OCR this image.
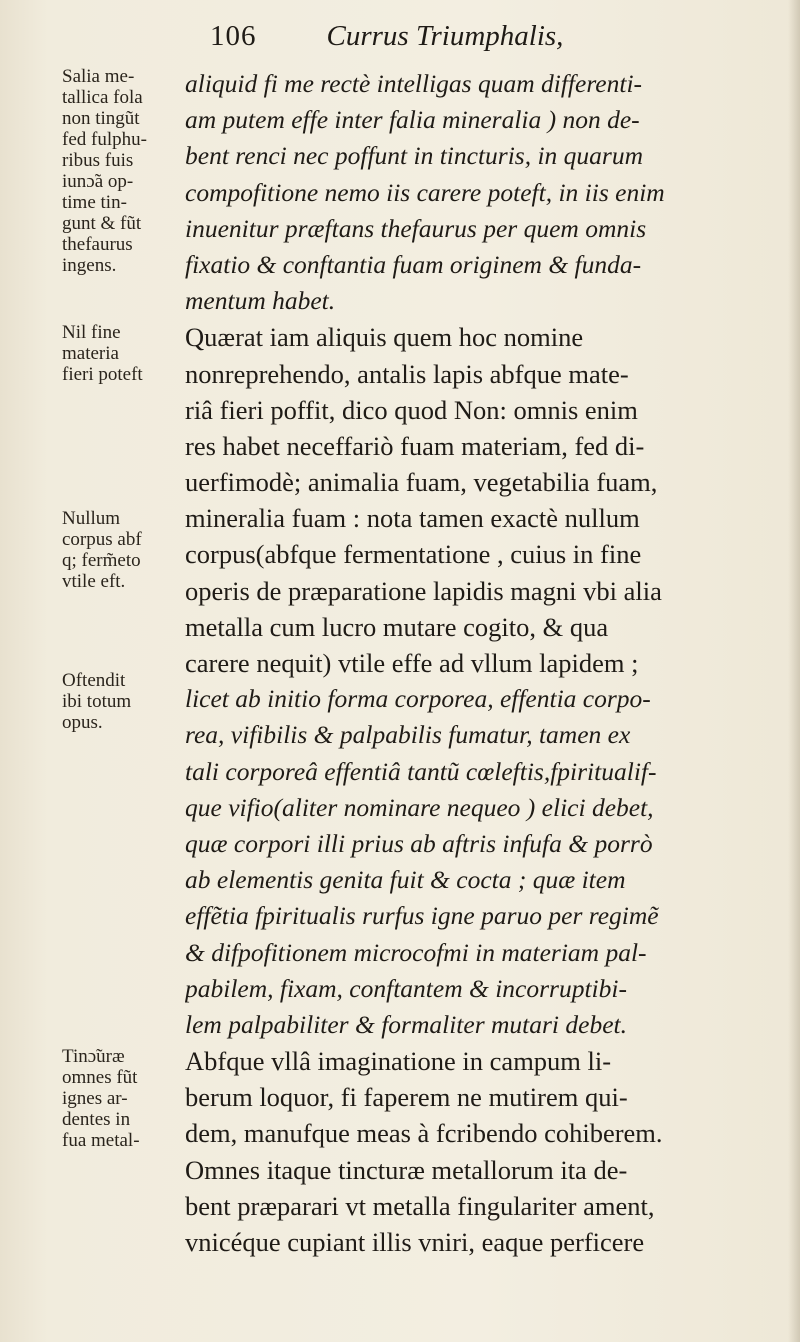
106 Currus Triumphalis,
aliquid fi me rectè intelligas quam differenti-
am putem effe inter falia mineralia ) non de-
bent renci nec poffunt in tincturis, in quarum
compofitione nemo iis carere poteft, in iis enim
inuenitur præftans thefaurus per quem omnis
fixatio & conftantia fuam originem & funda-
mentum habet.
Quærat iam aliquis quem hoc nomine
nonreprehendo, antalis lapis abfque mate-
riâ fieri poffit, dico quod Non: omnis enim
res habet neceffariò fuam materiam, fed di-
uerfimodè; animalia fuam, vegetabilia fuam,
mineralia fuam : nota tamen exactè nullum
corpus(abfque fermentatione , cuius in fine
operis de præparatione lapidis magni vbi alia
metalla cum lucro mutare cogito, & qua
carere nequit) vtile effe ad vllum lapidem ;
licet ab initio forma corporea, effentia corpo-
rea, vifibilis & palpabilis fumatur, tamen ex
tali corporeâ effentiâ tantũ cœleftis,fpiritualif-
que vifio(aliter nominare nequeo ) elici debet,
quæ corpori illi prius ab aftris infufa & porrò
ab elementis genita fuit & cocta ; quæ item
effẽtia fpiritualis rurfus igne paruo per regimẽ
& difpofitionem microcofmi in materiam pal-
pabilem, fixam, conftantem & incorruptibi-
lem palpabiliter & formaliter mutari debet.
Abfque vllâ imaginatione in campum li-
berum loquor, fi faperem ne mutirem qui-
dem, manufque meas à fcribendo cohiberem.
Omnes itaque tincturæ metallorum ita de-
bent præparari vt metalla fingulariter ament,
vnicéque cupiant illis vniri, eaque perficere
Salia me-
tallica fola
non tingũt
fed fulphu-
ribus fuis
iunɔ̃a op-
time tin-
gunt & fũt
thefaurus
ingens.
Nil fine
materia
fieri poteft
Nullum
corpus abf
q; ferm̃eto
vtile eft.
Oftendit
ibi totum
opus.
Tinɔ̃uræ
omnes fũt
ignes ar-
dentes in
fua metal-
